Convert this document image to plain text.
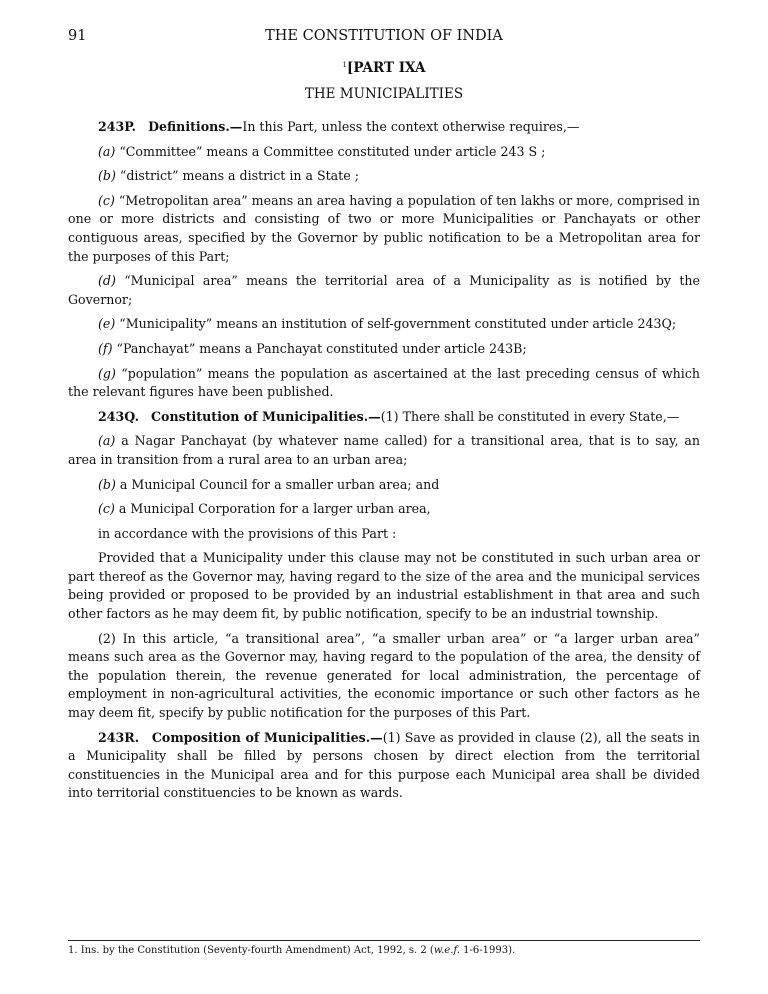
91	THE CONSTITUTION OF INDIA
$^1$[PART IXA
THE MUNICIPALITIES

243P. Definitions.—In this Part, unless the context otherwise requires,—

(a) “Committee” means a Committee constituted under article 243 S ;

(b) “district” means a district in a State ;

(c) “Metropolitan area” means an area having a population of ten lakhs or more, comprised in one or more districts and consisting of two or more Municipalities or Panchayats or other contiguous areas, specified by the Governor by public notification to be a Metropolitan area for the purposes of this Part;

(d) “Municipal area” means the territorial area of a Municipality as is notified by the Governor;

(e) “Municipality” means an institution of self-government constituted under article 243Q;

(f) “Panchayat” means a Panchayat constituted under article 243B;

(g) “population” means the population as ascertained at the last preceding census of which the relevant figures have been published.

243Q. Constitution of Municipalities.—(1) There shall be constituted in every State,—

(a) a Nagar Panchayat (by whatever name called) for a transitional area, that is to say, an area in transition from a rural area to an urban area;

(b) a Municipal Council for a smaller urban area; and

(c) a Municipal Corporation for a larger urban area,

in accordance with the provisions of this Part :

Provided that a Municipality under this clause may not be constituted in such urban area or part thereof as the Governor may, having regard to the size of the area and the municipal services being provided or proposed to be provided by an industrial establishment in that area and such other factors as he may deem fit, by public notification, specify to be an industrial township.

(2) In this article, “a transitional area”, “a smaller urban area” or “a larger urban area” means such area as the Governor may, having regard to the population of the area, the density of the population therein, the revenue generated for local administration, the percentage of employment in non-agricultural activities, the economic importance or such other factors as he may deem fit, specify by public notification for the purposes of this Part.

243R. Composition of Municipalities.—(1) Save as provided in clause (2), all the seats in a Municipality shall be filled by persons chosen by direct election from the territorial constituencies in the Municipal area and for this purpose each Municipal area shall be divided into territorial constituencies to be known as wards.

1. Ins. by the Constitution (Seventy-fourth Amendment) Act, 1992, s. 2 (w.e.f. 1-6-1993).
